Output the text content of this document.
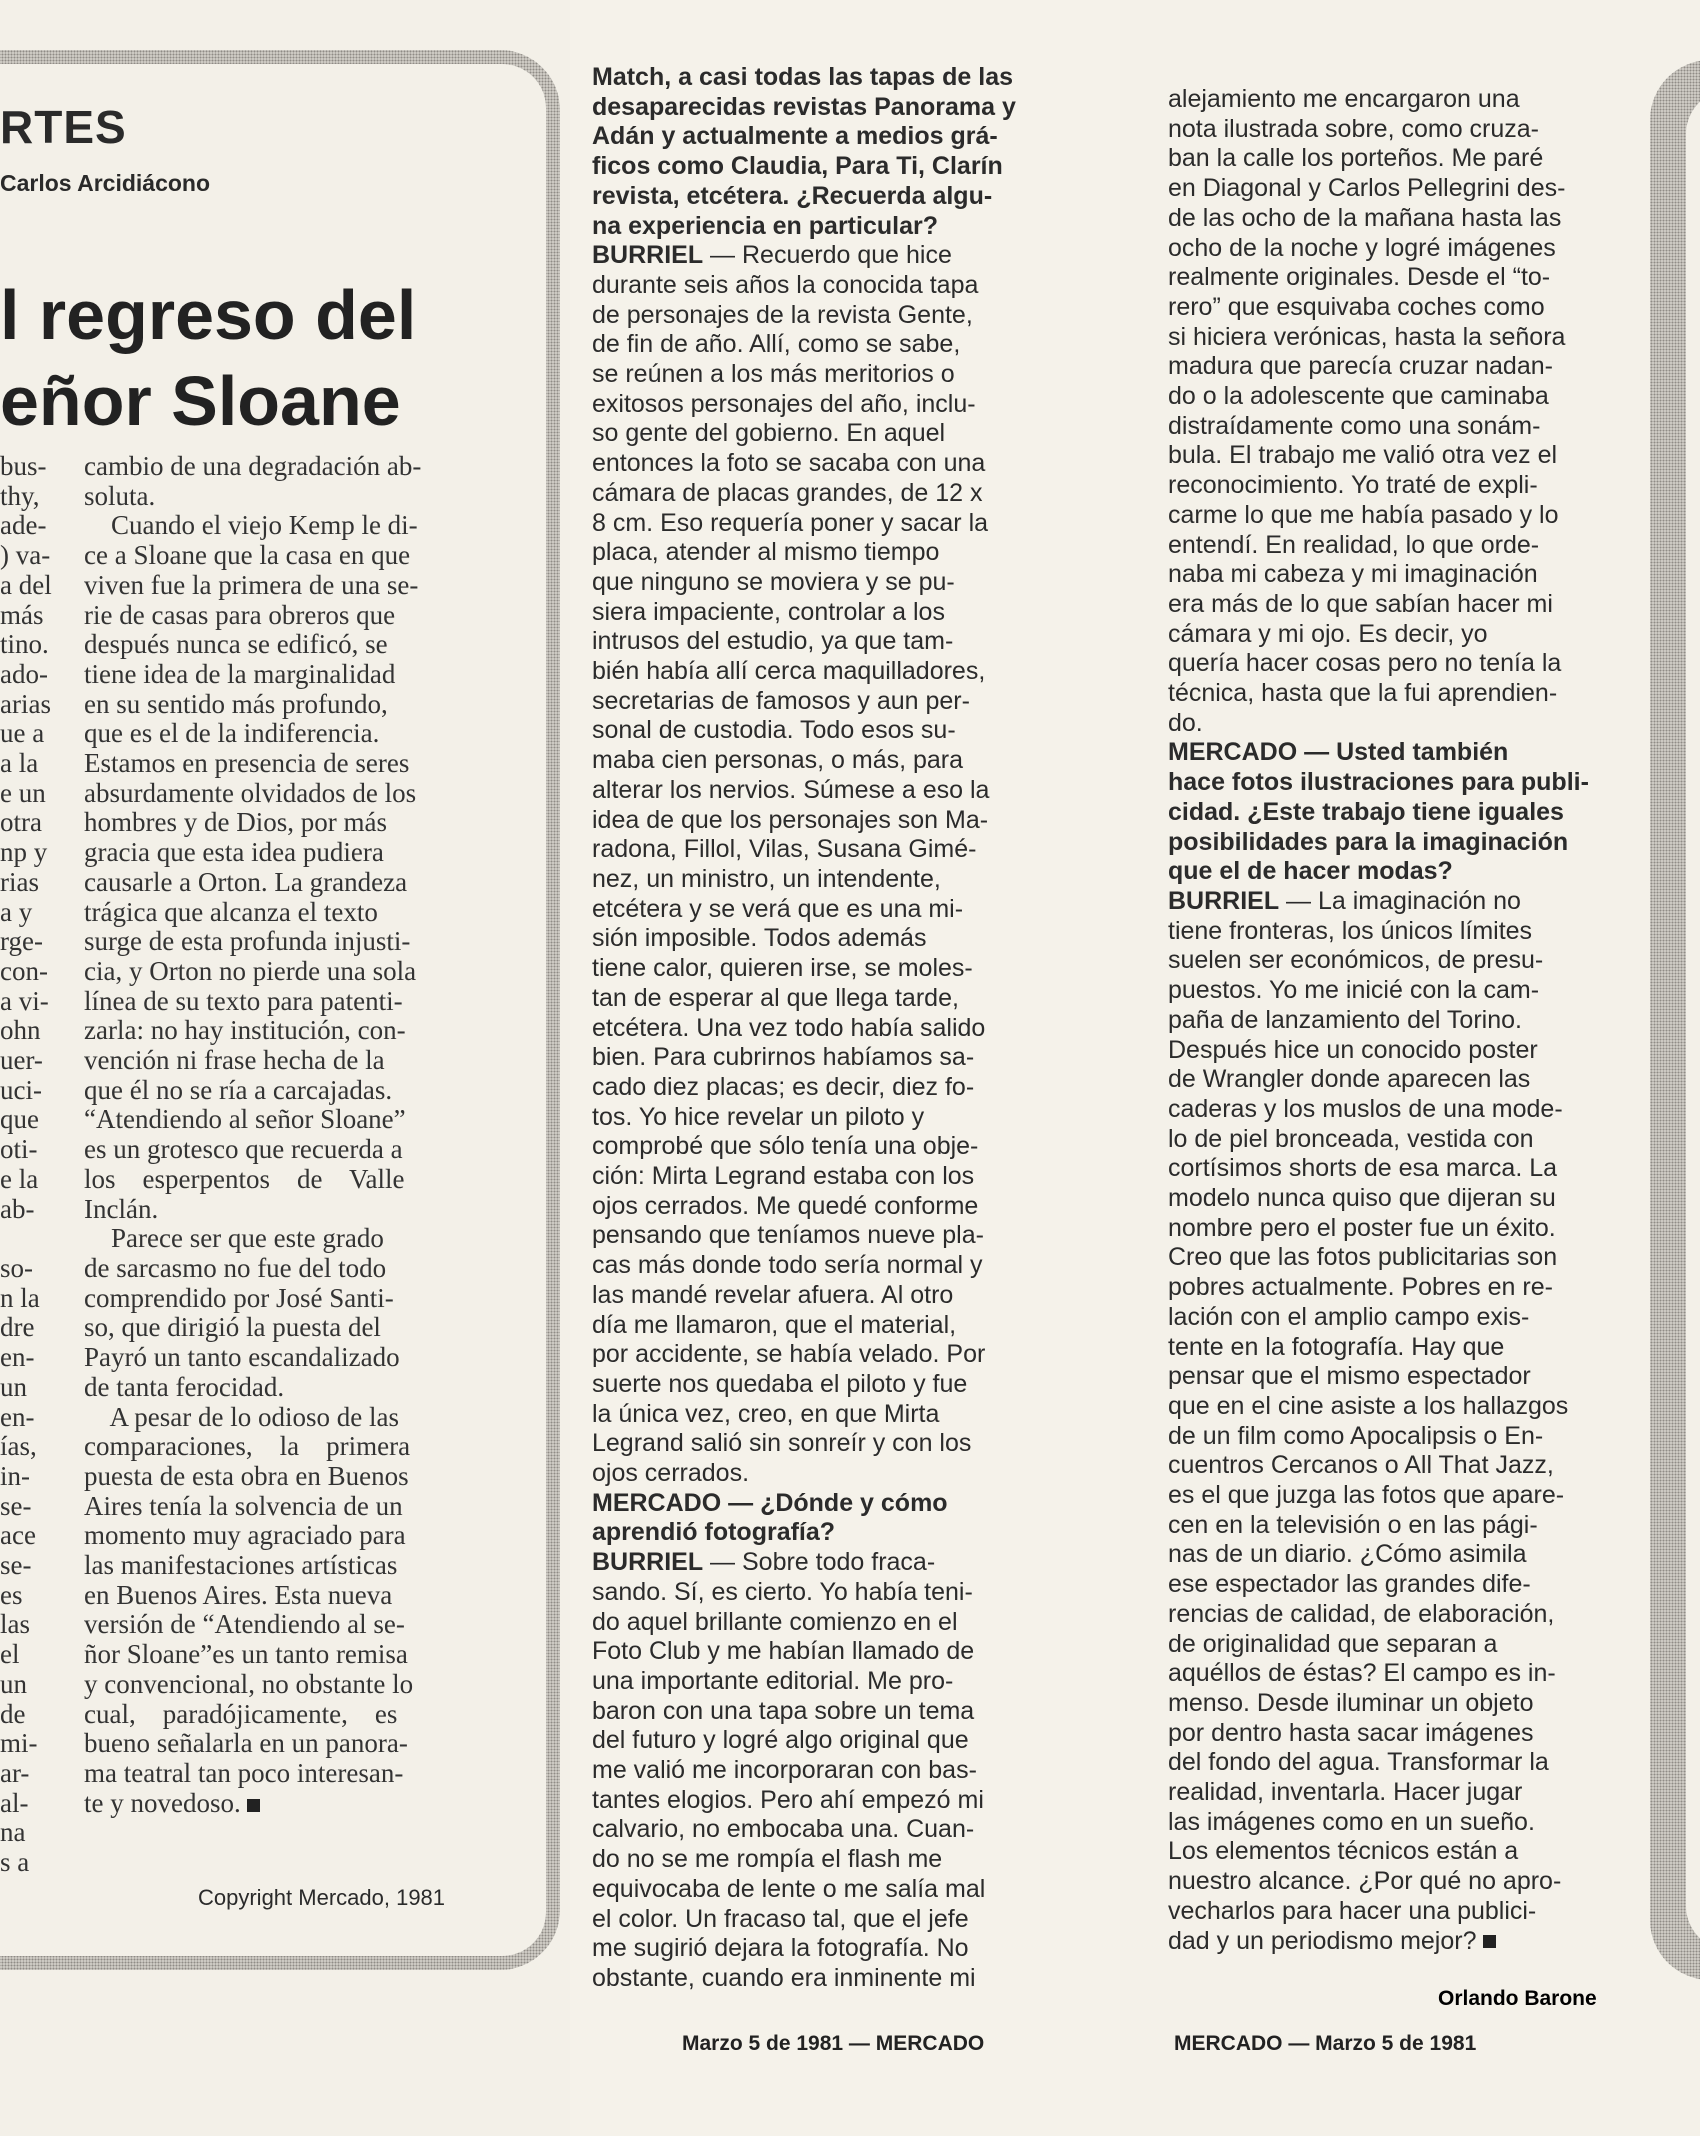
RTES
Carlos Arcidiácono
l regreso del
eñor Sloane
bus-
thy,
ade-
) va-
a del
más
tino.
ado-
arias
ue a
a la
e un
otra
np y
rias
a y
rge-
con-
a vi-
ohn
uer-
uci-
que
oti-
e la
ab-

so-
n la
dre
en-
un
en-
ías,
in-
se-
ace
se-
es
las
el
un
de
mi-
ar-
al-
na
s a
cambio de una degradación ab-
soluta.
Cuando el viejo Kemp le di-
ce a Sloane que la casa en que
viven fue la primera de una se-
rie de casas para obreros que
después nunca se edificó, se
tiene idea de la marginalidad
en su sentido más profundo,
que es el de la indiferencia.
Estamos en presencia de seres
absurdamente olvidados de los
hombres y de Dios, por más
gracia que esta idea pudiera
causarle a Orton. La grandeza
trágica que alcanza el texto
surge de esta profunda injusti-
cia, y Orton no pierde una sola
línea de su texto para patenti-
zarla: no hay institución, con-
vención ni frase hecha de la
que él no se ría a carcajadas.
“Atendiendo al señor Sloane”
es un grotesco que recuerda a
los    esperpentos    de    Valle
Inclán.
Parece ser que este grado
de sarcasmo no fue del todo
comprendido por José Santi-
so, que dirigió la puesta del
Payró un tanto escandalizado
de tanta ferocidad.
A pesar de lo odioso de las
comparaciones,    la    primera
puesta de esta obra en Buenos
Aires tenía la solvencia de un
momento muy agraciado para
las manifestaciones artísticas
en Buenos Aires. Esta nueva
versión de “Atendiendo al se-
ñor Sloane”es un tanto remisa
y convencional, no obstante lo
cual,    paradójicamente,    es
bueno señalarla en un panora-
ma teatral tan poco interesan-
te y novedoso.
Copyright Mercado, 1981
Match, a casi todas las tapas de las
desaparecidas revistas Panorama y
Adán y actualmente a medios grá-
ficos como Claudia, Para Ti, Clarín
revista, etcétera. ¿Recuerda algu-
na experiencia en particular?
BURRIEL — Recuerdo que hice
durante seis años la conocida tapa
de personajes de la revista Gente,
de fin de año. Allí, como se sabe,
se reúnen a los más meritorios o
exitosos personajes del año, inclu-
so gente del gobierno. En aquel
entonces la foto se sacaba con una
cámara de placas grandes, de 12 x
8 cm. Eso requería poner y sacar la
placa, atender al mismo tiempo
que ninguno se moviera y se pu-
siera impaciente, controlar a los
intrusos del estudio, ya que tam-
bién había allí cerca maquilladores,
secretarias de famosos y aun per-
sonal de custodia. Todo esos su-
maba cien personas, o más, para
alterar los nervios. Súmese a eso la
idea de que los personajes son Ma-
radona, Fillol, Vilas, Susana Gimé-
nez, un ministro, un intendente,
etcétera y se verá que es una mi-
sión imposible. Todos además
tiene calor, quieren irse, se moles-
tan de esperar al que llega tarde,
etcétera. Una vez todo había salido
bien. Para cubrirnos habíamos sa-
cado diez placas; es decir, diez fo-
tos. Yo hice revelar un piloto y
comprobé que sólo tenía una obje-
ción: Mirta Legrand estaba con los
ojos cerrados. Me quedé conforme
pensando que teníamos nueve pla-
cas más donde todo sería normal y
las mandé revelar afuera. Al otro
día me llamaron, que el material,
por accidente, se había velado. Por
suerte nos quedaba el piloto y fue
la única vez, creo, en que Mirta
Legrand salió sin sonreír y con los
ojos cerrados.
MERCADO — ¿Dónde y cómo
aprendió fotografía?
BURRIEL — Sobre todo fraca-
sando. Sí, es cierto. Yo había teni-
do aquel brillante comienzo en el
Foto Club y me habían llamado de
una importante editorial. Me pro-
baron con una tapa sobre un tema
del futuro y logré algo original que
me valió me incorporaran con bas-
tantes elogios. Pero ahí empezó mi
calvario, no embocaba una. Cuan-
do no se me rompía el flash me
equivocaba de lente o me salía mal
el color. Un fracaso tal, que el jefe
me sugirió dejara la fotografía. No
obstante, cuando era inminente mi
Marzo 5 de 1981 — MERCADO
alejamiento me encargaron una
nota ilustrada sobre, como cruza-
ban la calle los porteños. Me paré
en Diagonal y Carlos Pellegrini des-
de las ocho de la mañana hasta las
ocho de la noche y logré imágenes
realmente originales. Desde el “to-
rero” que esquivaba coches como
si hiciera verónicas, hasta la señora
madura que parecía cruzar nadan-
do o la adolescente que caminaba
distraídamente como una sonám-
bula. El trabajo me valió otra vez el
reconocimiento. Yo traté de expli-
carme lo que me había pasado y lo
entendí. En realidad, lo que orde-
naba mi cabeza y mi imaginación
era más de lo que sabían hacer mi
cámara y mi ojo. Es decir, yo
quería hacer cosas pero no tenía la
técnica, hasta que la fui aprendien-
do.
MERCADO — Usted también
hace fotos ilustraciones para publi-
cidad. ¿Este trabajo tiene iguales
posibilidades para la imaginación
que el de hacer modas?
BURRIEL — La imaginación no
tiene fronteras, los únicos límites
suelen ser económicos, de presu-
puestos. Yo me inicié con la cam-
paña de lanzamiento del Torino.
Después hice un conocido poster
de Wrangler donde aparecen las
caderas y los muslos de una mode-
lo de piel bronceada, vestida con
cortísimos shorts de esa marca. La
modelo nunca quiso que dijeran su
nombre pero el poster fue un éxito.
Creo que las fotos publicitarias son
pobres actualmente. Pobres en re-
lación con el amplio campo exis-
tente en la fotografía. Hay que
pensar que el mismo espectador
que en el cine asiste a los hallazgos
de un film como Apocalipsis o En-
cuentros Cercanos o All That Jazz,
es el que juzga las fotos que apare-
cen en la televisión o en las pági-
nas de un diario. ¿Cómo asimila
ese espectador las grandes dife-
rencias de calidad, de elaboración,
de originalidad que separan a
aquéllos de éstas? El campo es in-
menso. Desde iluminar un objeto
por dentro hasta sacar imágenes
del fondo del agua. Transformar la
realidad, inventarla. Hacer jugar
las imágenes como en un sueño.
Los elementos técnicos están a
nuestro alcance. ¿Por qué no apro-
vecharlos para hacer una publici-
dad y un periodismo mejor?
MERCADO — Marzo 5 de 1981
Orlando Barone
